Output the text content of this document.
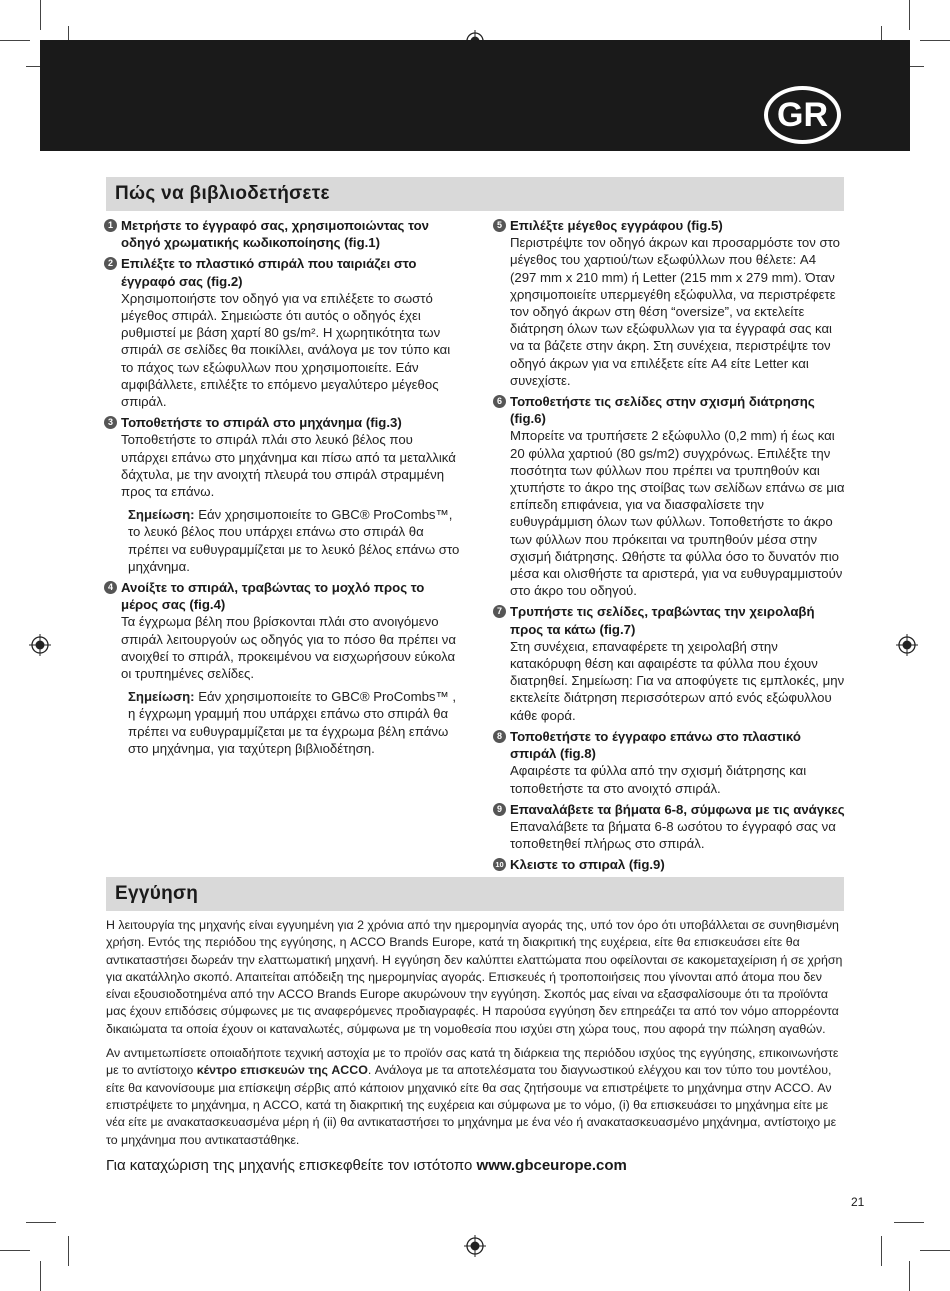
GR
Πώς να βιβλιοδετήσετε
1 Μετρήστε το έγγραφό σας, χρησιμοποιώντας τον οδηγό χρωματικής κωδικοποίησης (fig.1)
2 Επιλέξτε το πλαστικό σπιράλ που ταιριάζει στο έγγραφό σας (fig.2)
Χρησιμοποιήστε τον οδηγό για να επιλέξετε το σωστό μέγεθος σπιράλ. Σημειώστε ότι αυτός ο οδηγός έχει ρυθμιστεί με βάση χαρτί 80 gs/m². Η χωρητικότητα των σπιράλ σε σελίδες θα ποικίλλει, ανάλογα με τον τύπο και το πάχος των εξώφυλλων που χρησιμοποιείτε. Εάν αμφιβάλλετε, επιλέξτε το επόμενο μεγαλύτερο μέγεθος σπιράλ.
3 Τοποθετήστε το σπιράλ στο μηχάνημα (fig.3)
Τοποθετήστε το σπιράλ πλάι στο λευκό βέλος που υπάρχει επάνω στο μηχάνημα και πίσω από τα μεταλλικά δάχτυλα, με την ανοιχτή πλευρά του σπιράλ στραμμένη προς τα επάνω.
Σημείωση: Εάν χρησιμοποιείτε το GBC® ProCombs™, το λευκό βέλος που υπάρχει επάνω στο σπιράλ θα πρέπει να ευθυγραμμίζεται με το λευκό βέλος επάνω στο μηχάνημα.
4 Ανοίξτε το σπιράλ, τραβώντας το μοχλό προς το μέρος σας (fig.4)
Τα έγχρωμα βέλη που βρίσκονται πλάι στο ανοιγόμενο σπιράλ λειτουργούν ως οδηγός για το πόσο θα πρέπει να ανοιχθεί το σπιράλ, προκειμένου να εισχωρήσουν εύκολα οι τρυπημένες σελίδες.
Σημείωση: Εάν χρησιμοποιείτε το GBC® ProCombs™ , η έγχρωμη γραμμή που υπάρχει επάνω στο σπιράλ θα πρέπει να ευθυγραμμίζεται με τα έγχρωμα βέλη επάνω στο μηχάνημα, για ταχύτερη βιβλιοδέτηση.
5 Επιλέξτε μέγεθος εγγράφου (fig.5)
Περιστρέψτε τον οδηγό άκρων και προσαρμόστε τον στο μέγεθος του χαρτιού/των εξωφύλλων που θέλετε: A4 (297 mm x 210 mm) ή Letter (215 mm x 279 mm). Όταν χρησιμοποιείτε υπερμεγέθη εξώφυλλα, να περιστρέφετε τον οδηγό άκρων στη θέση “oversize”, να εκτελείτε διάτρηση όλων των εξώφυλλων για τα έγγραφά σας και να τα βάζετε στην άκρη. Στη συνέχεια, περιστρέψτε τον οδηγό άκρων για να επιλέξετε είτε A4 είτε Letter και συνεχίστε.
6 Τοποθετήστε τις σελίδες στην σχισμή διάτρησης (fig.6)
Μπορείτε να τρυπήσετε 2 εξώφυλλο (0,2 mm) ή έως και 20 φύλλα χαρτιού (80 gs/m2) συγχρόνως. Επιλέξτε την ποσότητα των φύλλων που πρέπει να τρυπηθούν και χτυπήστε το άκρο της στοίβας των σελίδων επάνω σε μια επίπεδη επιφάνεια, για να διασφαλίσετε την ευθυγράμμιση όλων των φύλλων. Τοποθετήστε το άκρο των φύλλων που πρόκειται να τρυπηθούν μέσα στην σχισμή διάτρησης. Ωθήστε τα φύλλα όσο το δυνατόν πιο μέσα και ολισθήστε τα αριστερά, για να ευθυγραμμιστούν στο άκρο του οδηγού.
7 Τρυπήστε τις σελίδες, τραβώντας την χειρολαβή προς τα κάτω (fig.7)
Στη συνέχεια, επαναφέρετε τη χειρολαβή στην κατακόρυφη θέση και αφαιρέστε τα φύλλα που έχουν διατρηθεί. Σημείωση: Για να αποφύγετε τις εμπλοκές, μην εκτελείτε διάτρηση περισσότερων από ενός εξώφυλλου κάθε φορά.
8 Τοποθετήστε το έγγραφο επάνω στο πλαστικό σπιράλ (fig.8)
Αφαιρέστε τα φύλλα από την σχισμή διάτρησης και τοποθετήστε τα στο ανοιχτό σπιράλ.
9 Επαναλάβετε τα βήματα 6-8, σύμφωνα με τις ανάγκες
Επαναλάβετε τα βήματα 6-8 ωσότου το έγγραφό σας να τοποθετηθεί πλήρως στο σπιράλ.
10 Κλειστε το σπιραλ (fig.9)
Εγγύηση

Η λειτουργία της μηχανής είναι εγγυημένη για 2 χρόνια από την ημερομηνία αγοράς της, υπό τον όρο ότι υποβάλλεται σε συνηθισμένη χρήση. Εντός της περιόδου της εγγύησης, η ACCO Brands Europe, κατά τη διακριτική της ευχέρεια, είτε θα επισκευάσει είτε θα αντικαταστήσει δωρεάν την ελαττωματική μηχανή. Η εγγύηση δεν καλύπτει ελαττώματα που οφείλονται σε κακομεταχείριση ή σε χρήση για ακατάλληλο σκοπό. Απαιτείται απόδειξη της ημερομηνίας αγοράς. Επισκευές ή τροποποιήσεις που γίνονται από άτομα που δεν είναι εξουσιοδοτημένα από την ACCO Brands Europe ακυρώνουν την εγγύηση. Σκοπός μας είναι να εξασφαλίσουμε ότι τα προϊόντα μας έχουν επιδόσεις σύμφωνες με τις αναφερόμενες προδιαγραφές. Η παρούσα εγγύηση δεν επηρεάζει τα από τον νόμο απορρέοντα δικαιώματα τα οποία έχουν οι καταναλωτές, σύμφωνα με τη νομοθεσία που ισχύει στη χώρα τους, που αφορά την πώληση αγαθών.

Αν αντιμετωπίσετε οποιαδήποτε τεχνική αστοχία με το προϊόν σας κατά τη διάρκεια της περιόδου ισχύος της εγγύησης, επικοινωνήστε με το αντίστοιχο κέντρο επισκευών της ACCO. Ανάλογα με τα αποτελέσματα του διαγνωστικού ελέγχου και τον τύπο του μοντέλου, είτε θα κανονίσουμε μια επίσκεψη σέρβις από κάποιον μηχανικό είτε θα σας ζητήσουμε να επιστρέψετε το μηχάνημα στην ACCO. Αν επιστρέψετε το μηχάνημα, η ACCO, κατά τη διακριτική της ευχέρεια και σύμφωνα με το νόμο, (i) θα επισκευάσει το μηχάνημα είτε με νέα είτε με ανακατασκευασμένα μέρη ή (ii) θα αντικαταστήσει το μηχάνημα με ένα νέο ή ανακατασκευασμένο μηχάνημα, αντίστοιχο με το μηχάνημα που αντικαταστάθηκε.

Για καταχώριση της μηχανής επισκεφθείτε τον ιστότοπο www.gbceurope.com
21
